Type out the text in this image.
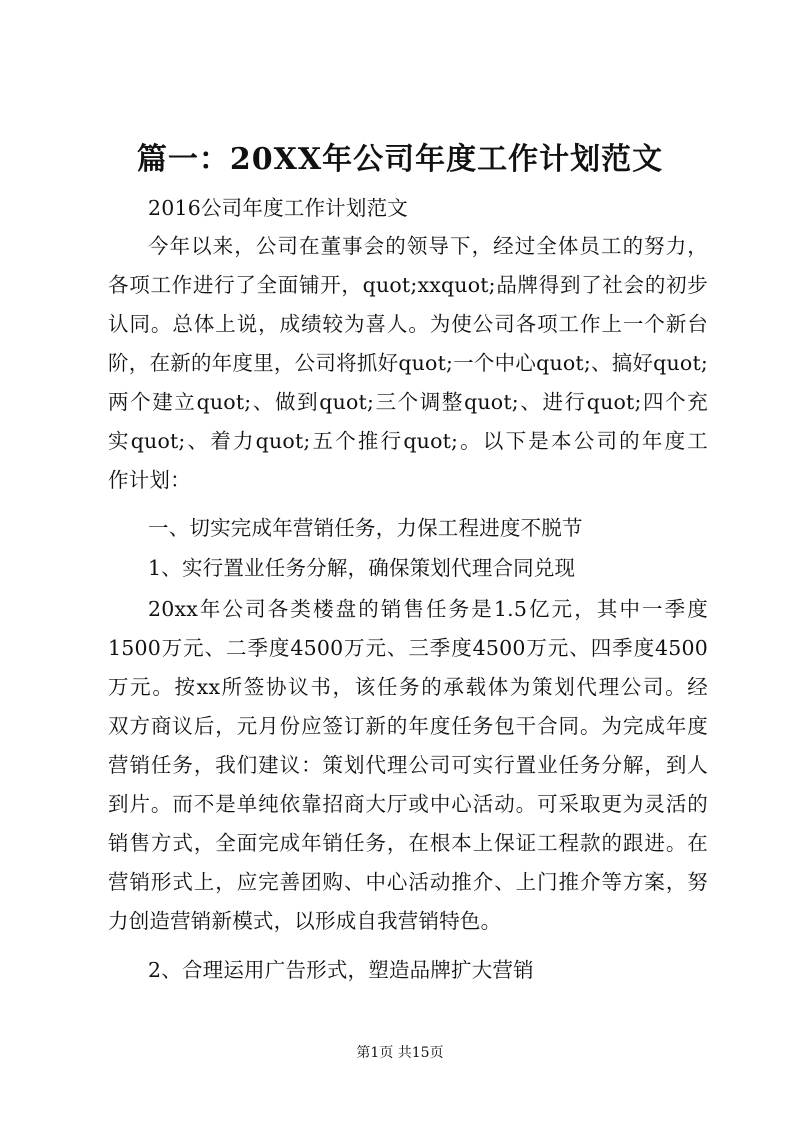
篇一：20XX年公司年度工作计划范文
2016公司年度工作计划范文
今年以来，公司在董事会的领导下，经过全体员工的努力，
各项工作进行了全面铺开，quot;xxquot;品牌得到了社会的初步
认同。总体上说，成绩较为喜人。为使公司各项工作上一个新台
阶，在新的年度里，公司将抓好quot;一个中心quot;、搞好quot;
两个建立quot;、做到quot;三个调整quot;、进行quot;四个充
实quot;、着力quot;五个推行quot;。以下是本公司的年度工
作计划：
一、切实完成年营销任务，力保工程进度不脱节
1、实行置业任务分解，确保策划代理合同兑现
20xx年公司各类楼盘的销售任务是1.5亿元，其中一季度
1500万元、二季度4500万元、三季度4500万元、四季度4500
万元。按xx所签协议书，该任务的承载体为策划代理公司。经
双方商议后，元月份应签订新的年度任务包干合同。为完成年度
营销任务，我们建议：策划代理公司可实行置业任务分解，到人
到片。而不是单纯依靠招商大厅或中心活动。可采取更为灵活的
销售方式，全面完成年销任务，在根本上保证工程款的跟进。在
营销形式上，应完善团购、中心活动推介、上门推介等方案，努
力创造营销新模式，以形成自我营销特色。
2、合理运用广告形式，塑造品牌扩大营销
第1页 共15页
